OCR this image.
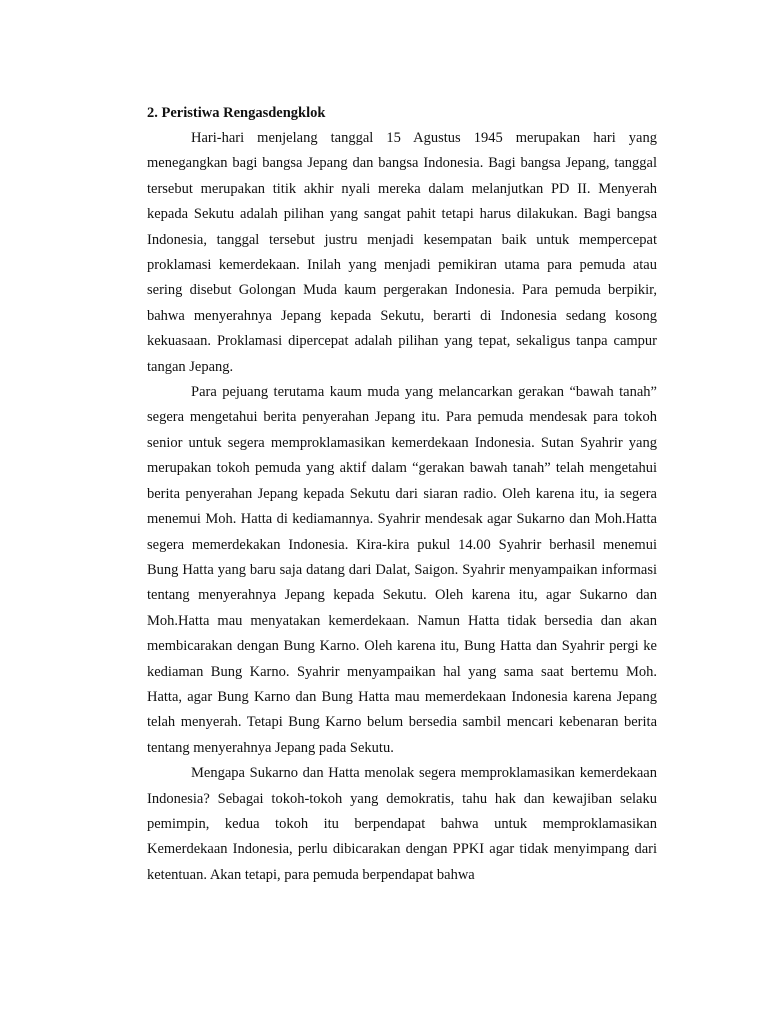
2. Peristiwa Rengasdengklok

Hari-hari menjelang tanggal 15 Agustus 1945 merupakan hari yang menegangkan bagi bangsa Jepang dan bangsa Indonesia. Bagi bangsa Jepang, tanggal tersebut merupakan titik akhir nyali mereka dalam melanjutkan PD II. Menyerah kepada Sekutu adalah pilihan yang sangat pahit tetapi harus dilakukan. Bagi bangsa Indonesia, tanggal tersebut justru menjadi kesempatan baik untuk mempercepat proklamasi kemerdekaan. Inilah yang menjadi pemikiran utama para pemuda atau sering disebut Golongan Muda kaum pergerakan Indonesia. Para pemuda berpikir, bahwa menyerahnya Jepang kepada Sekutu, berarti di Indonesia sedang kosong kekuasaan. Proklamasi dipercepat adalah pilihan yang tepat, sekaligus tanpa campur tangan Jepang.

Para pejuang terutama kaum muda yang melancarkan gerakan “bawah tanah” segera mengetahui berita penyerahan Jepang itu. Para pemuda mendesak para tokoh senior untuk segera memproklamasikan kemerdekaan Indonesia. Sutan Syahrir yang merupakan tokoh pemuda yang aktif dalam “gerakan bawah tanah” telah mengetahui berita penyerahan Jepang kepada Sekutu dari siaran radio. Oleh karena itu, ia segera menemui Moh. Hatta di kediamannya. Syahrir mendesak agar Sukarno dan Moh.Hatta segera memerdekakan Indonesia. Kira-kira pukul 14.00 Syahrir berhasil menemui Bung Hatta yang baru saja datang dari Dalat, Saigon. Syahrir menyampaikan informasi tentang menyerahnya Jepang kepada Sekutu. Oleh karena itu, agar Sukarno dan Moh.Hatta mau menyatakan kemerdekaan. Namun Hatta tidak bersedia dan akan membicarakan dengan Bung Karno. Oleh karena itu, Bung Hatta dan Syahrir pergi ke kediaman Bung Karno. Syahrir menyampaikan hal yang sama saat bertemu Moh. Hatta, agar Bung Karno dan Bung Hatta mau memerdekaan Indonesia karena Jepang telah menyerah. Tetapi Bung Karno belum bersedia sambil mencari kebenaran berita tentang menyerahnya Jepang pada Sekutu.

Mengapa Sukarno dan Hatta menolak segera memproklamasikan kemerdekaan Indonesia? Sebagai tokoh-tokoh yang demokratis, tahu hak dan kewajiban selaku pemimpin, kedua tokoh itu berpendapat bahwa untuk memproklamasikan Kemerdekaan Indonesia, perlu dibicarakan dengan PPKI agar tidak menyimpang dari ketentuan. Akan tetapi, para pemuda berpendapat bahwa
